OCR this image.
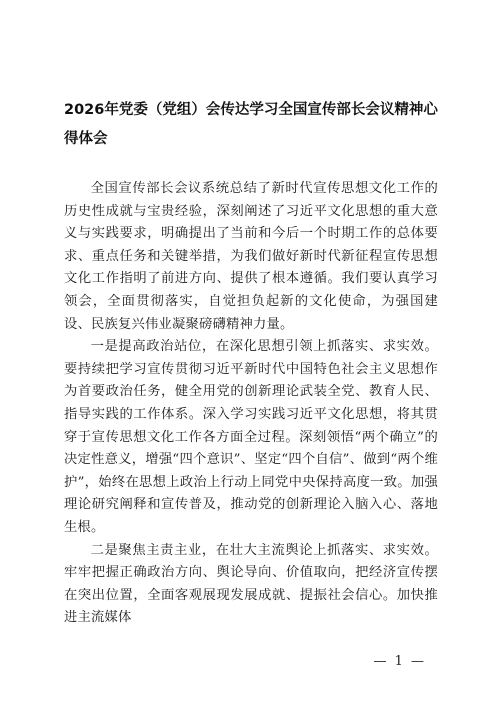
2026年党委（党组）会传达学习全国宣传部长会议精神心得体会

全国宣传部长会议系统总结了新时代宣传思想文化工作的历史性成就与宝贵经验，深刻阐述了习近平文化思想的重大意义与实践要求，明确提出了当前和今后一个时期工作的总体要求、重点任务和关键举措，为我们做好新时代新征程宣传思想文化工作指明了前进方向、提供了根本遵循。我们要认真学习领会，全面贯彻落实，自觉担负起新的文化使命，为强国建设、民族复兴伟业凝聚磅礴精神力量。

一是提高政治站位，在深化思想引领上抓落实、求实效。 要持续把学习宣传贯彻习近平新时代中国特色社会主义思想作为首要政治任务，健全用党的创新理论武装全党、教育人民、指导实践的工作体系。深入学习实践习近平文化思想，将其贯穿于宣传思想文化工作各方面全过程。深刻领悟“两个确立”的决定性意义，增强“四个意识”、坚定“四个自信”、做到“两个维护”，始终在思想上政治上行动上同党中央保持高度一致。加强理论研究阐释和宣传普及，推动党的创新理论入脑入心、落地生根。

二是聚焦主责主业，在壮大主流舆论上抓落实、求实效。 牢牢把握正确政治方向、舆论导向、价值取向，把经济宣传摆在突出位置，全面客观展现发展成就、提振社会信心。加快推进主流媒体

— 1 —
